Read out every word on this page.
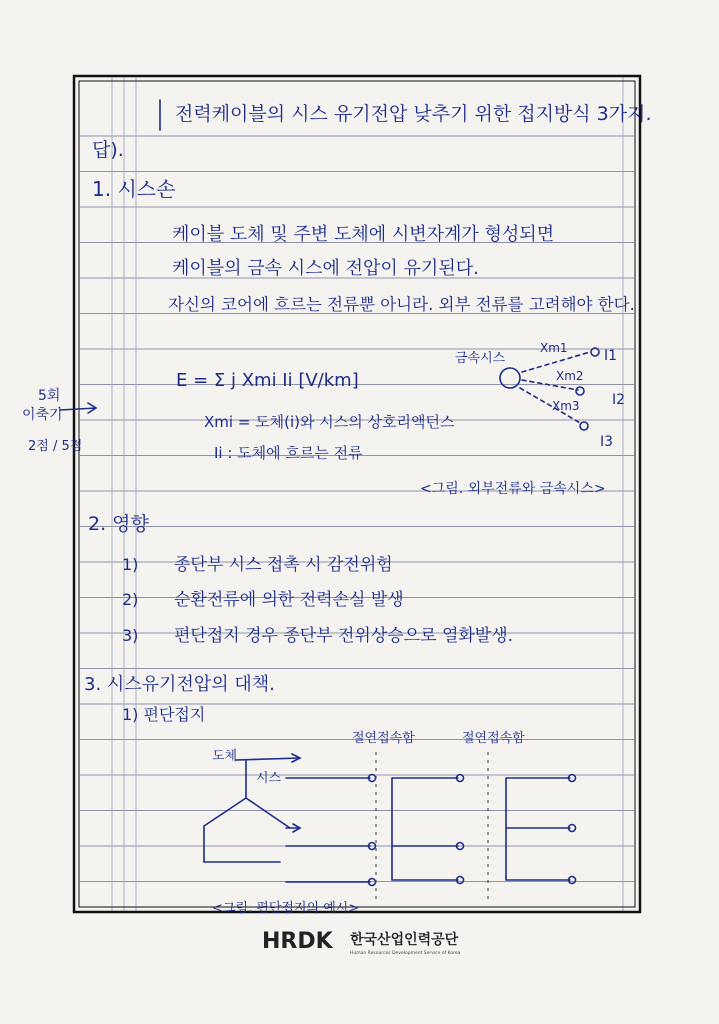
전력케이블의 시스 유기전압 낮추기 위한 접지방식 3가지.
답).
1. 시스손
케이블 도체 및 주변 도체에 시변자계가 형성되면
케이블의 금속 시스에 전압이 유기된다.
자신의 코어에 흐르는 전류뿐 아니라. 외부 전류를 고려해야 한다.
E = Σ j Xmi Ii [V/km]
Xmi = 도체(i)와 시스의 상호리액턴스
Ii : 도체에 흐르는 전류
5회
이축기
2점 / 5점
금속시스
Xm1
Xm2
Xm3
I1
I2
I3
<그림. 외부전류와 금속시스>
2. 영향
1) 종단부 시스 접촉 시 감전위험
2) 순환전류에 의한 전력손실 발생
3) 편단접지 경우 종단부 전위상승으로 열화발생.
3. 시스유기전압의 대책.
1) 편단접지
절연접속함	절연접속함
도체
시스
<그림. 편단접지의 예시>
HRDK 한국산업인력공단
Human Resources Development Service of Korea
